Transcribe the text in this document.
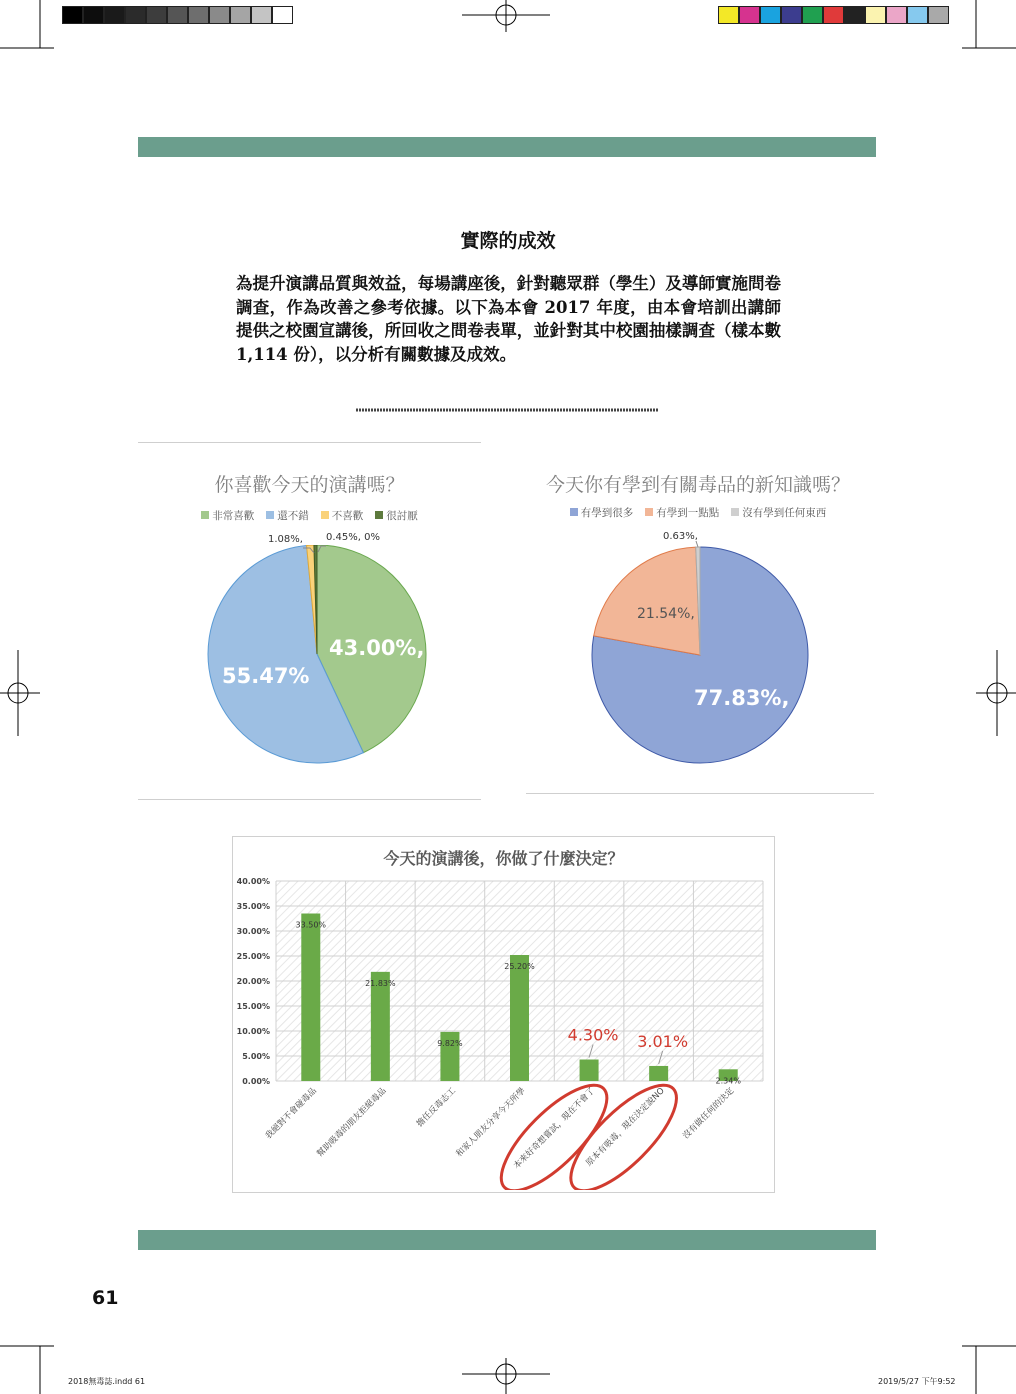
實際的成效
為提升演講品質與效益，每場講座後，針對聽眾群（學生）及導師實施問卷調查，作為改善之參考依據。以下為本會 2017 年度，由本會培訓出講師提供之校園宣講後，所回收之問卷表單，並針對其中校園抽樣調查（樣本數 1,114 份），以分析有關數據及成效。
你喜歡今天的演講嗎？
非常喜歡 還不錯 不喜歡 很討厭
1.08%, 0.45%, 0%
43.00%,
55.47%
今天你有學到有關毒品的新知識嗎？
有學到很多 有學到一點點 沒有學到任何東西
0.63%,
21.54%,
77.83%,
今天的演講後，你做了什麼決定？
0.00%
5.00%
10.00%
15.00%
20.00%
25.00%
30.00%
35.00%
40.00%
33.50%
21.83%
9.82%
25.20%
4.30% 3.01%
2.34%
我絕對不會碰毒品
幫助吸毒的朋友拒絕毒品	擔任反毒志工
和家人朋友分享今天所學
本來好奇想嘗試，現在不會了
原本有吸毒，現在決定說NO 沒有做任何的決定
61
2018無毒誌.indd 61	2019/5/27 下午9:52
